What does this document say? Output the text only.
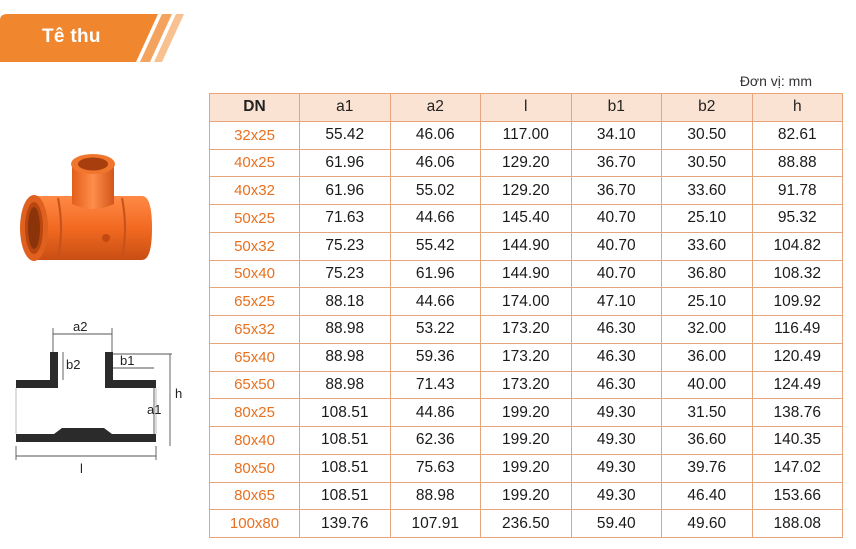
Tê thu
Đơn vị: mm
a2
b2	b1
a1
h
l
DN	a1	a2	l	b1	b2	h
32x25	55.42	46.06	117.00	34.10	30.50	82.61
40x25	61.96	46.06	129.20	36.70	30.50	88.88
40x32	61.96	55.02	129.20	36.70	33.60	91.78
50x25	71.63	44.66	145.40	40.70	25.10	95.32
50x32	75.23	55.42	144.90	40.70	33.60	104.82
50x40	75.23	61.96	144.90	40.70	36.80	108.32
65x25	88.18	44.66	174.00	47.10	25.10	109.92
65x32	88.98	53.22	173.20	46.30	32.00	116.49
65x40	88.98	59.36	173.20	46.30	36.00	120.49
65x50	88.98	71.43	173.20	46.30	40.00	124.49
80x25	108.51	44.86	199.20	49.30	31.50	138.76
80x40	108.51	62.36	199.20	49.30	36.60	140.35
80x50	108.51	75.63	199.20	49.30	39.76	147.02
80x65	108.51	88.98	199.20	49.30	46.40	153.66
100x80	139.76	107.91	236.50	59.40	49.60	188.08
